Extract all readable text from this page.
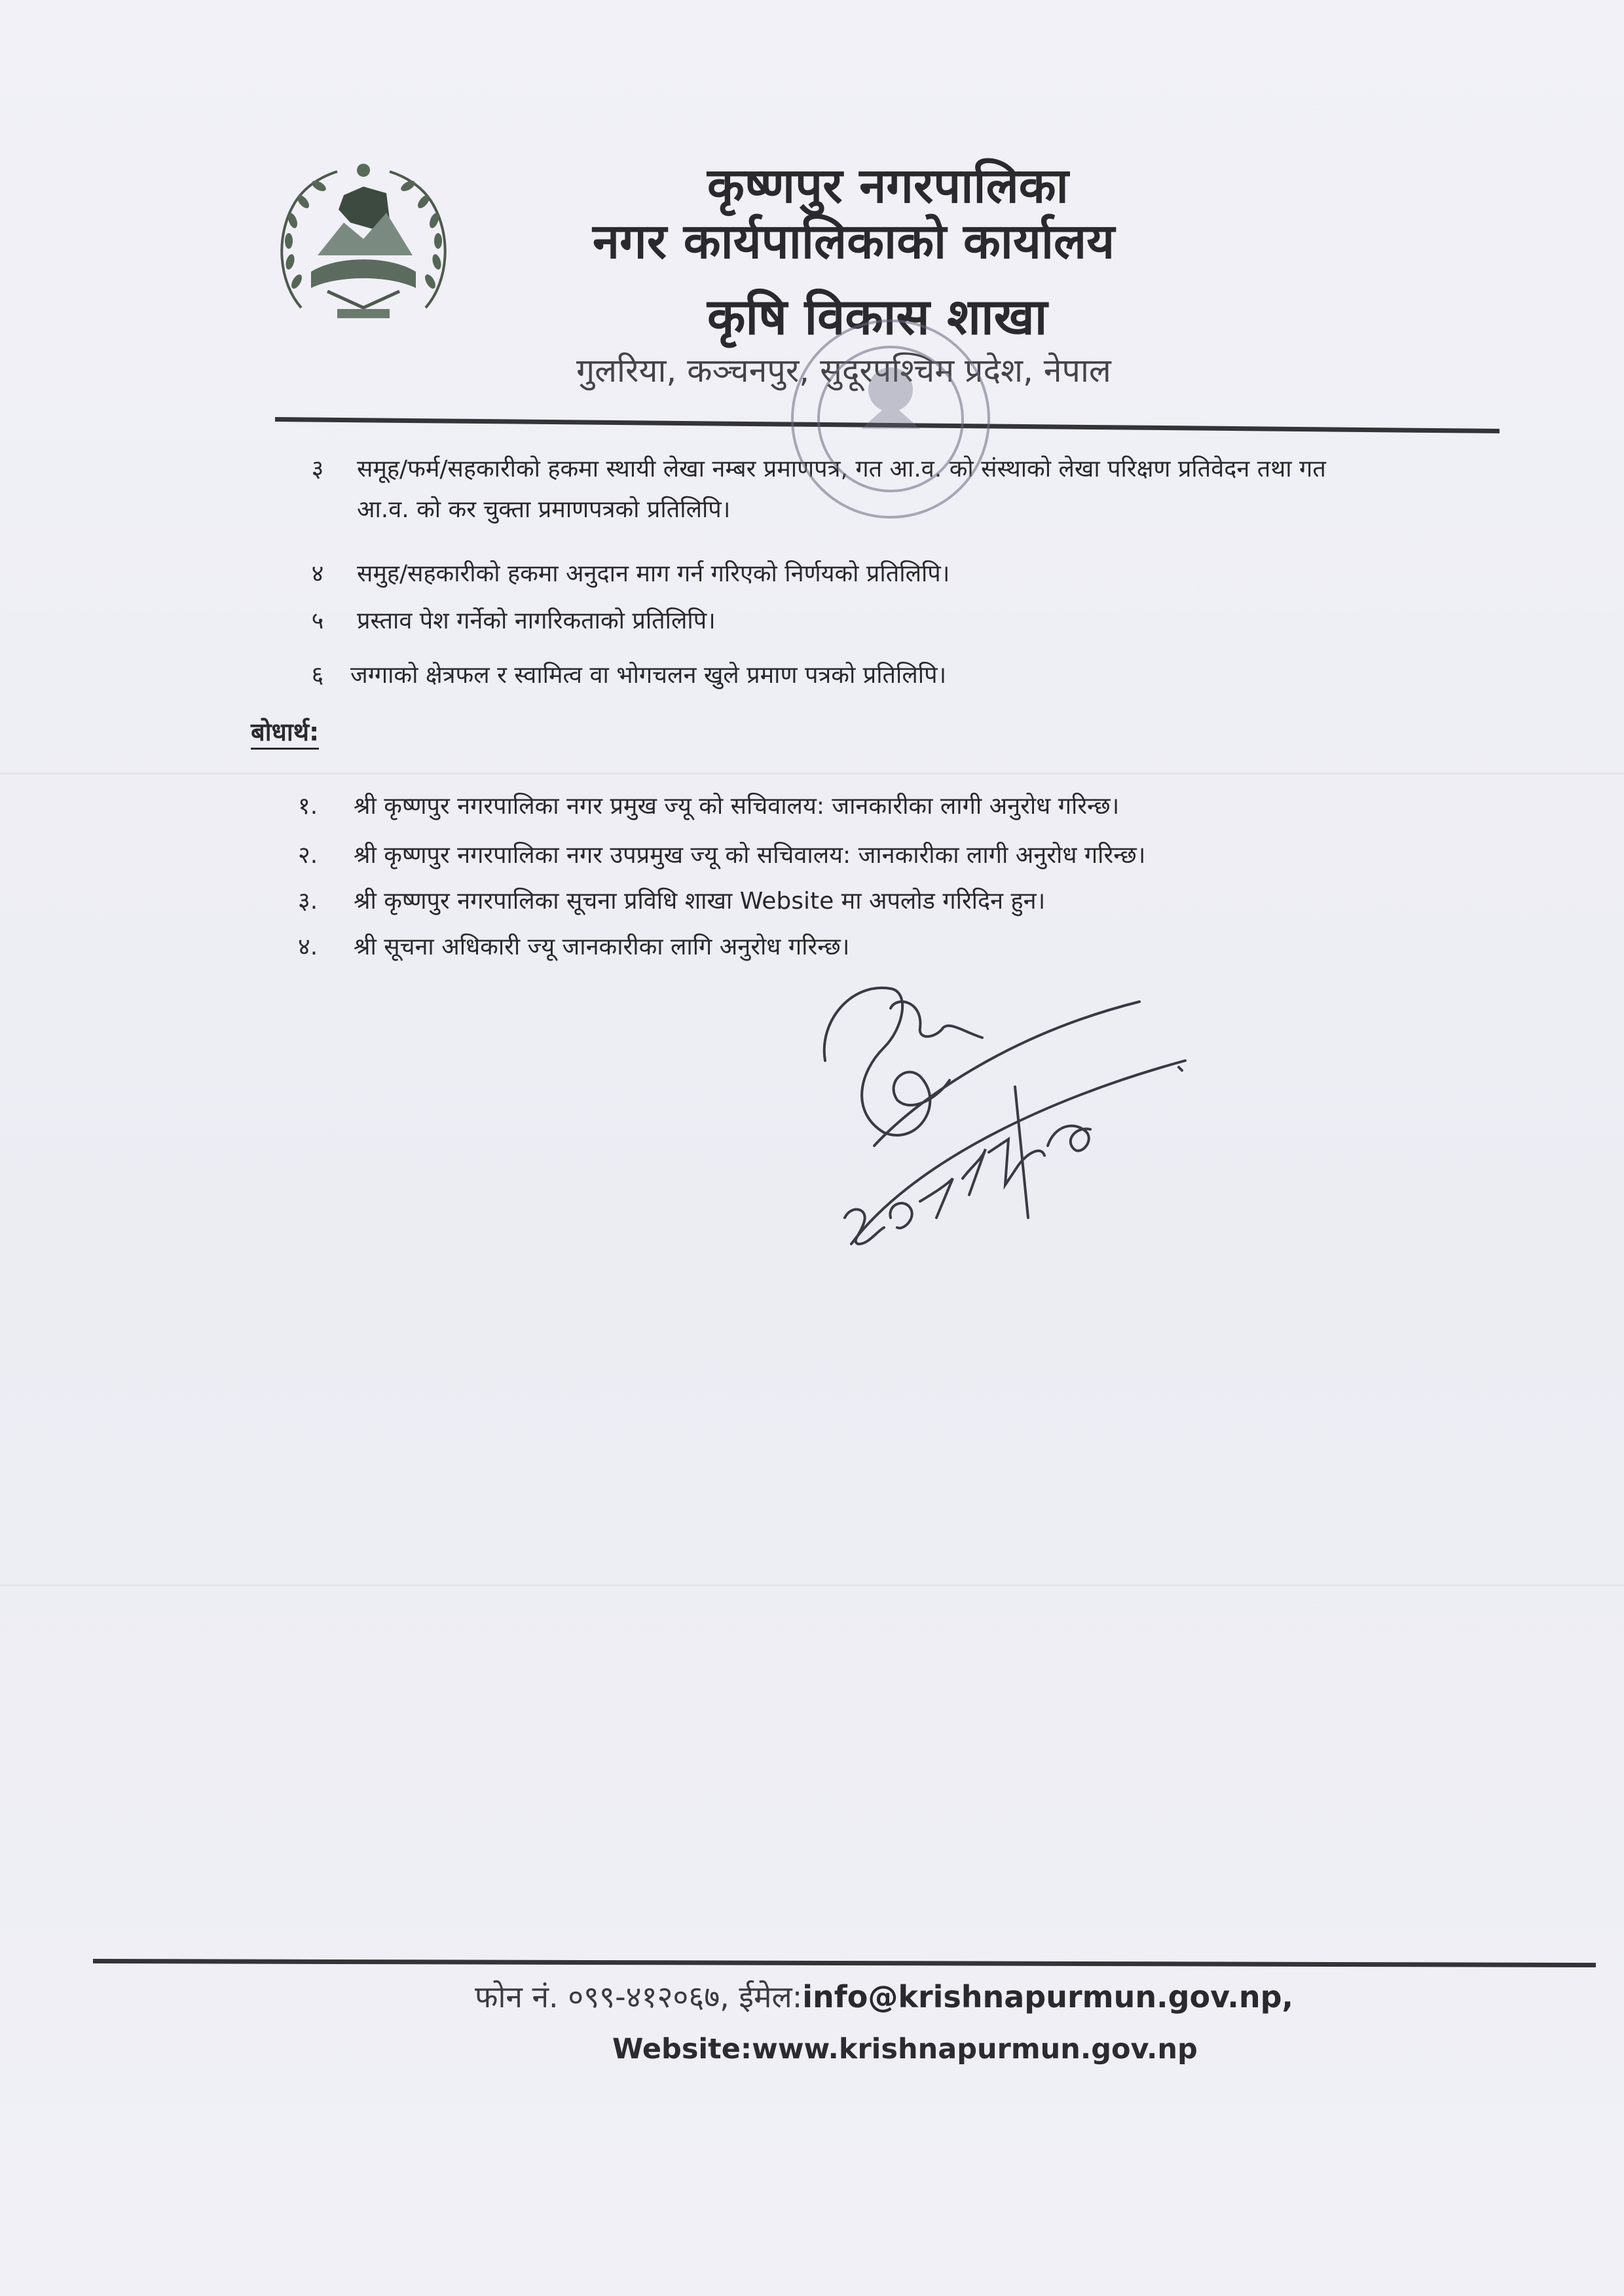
कृष्णपुर नगरपालिका
नगर कार्यपालिकाको कार्यालय
कृषि विकास शाखा
गुलरिया, कञ्चनपुर, सुदूरपश्चिम प्रदेश, नेपाल
३	समूह/फर्म/सहकारीको हकमा स्थायी लेखा नम्बर प्रमाणपत्र, गत आ.व. को संस्थाको लेखा परिक्षण प्रतिवेदन तथा गत
आ.व. को कर चुक्ता प्रमाणपत्रको प्रतिलिपि।
४	समुह/सहकारीको हकमा अनुदान माग गर्न गरिएको निर्णयको प्रतिलिपि।
५	प्रस्ताव पेश गर्नेको नागरिकताको प्रतिलिपि।
६	जग्गाको क्षेत्रफल र स्वामित्व वा भोगचलन खुले प्रमाण पत्रको प्रतिलिपि।
बोधार्थ:
१. श्री कृष्णपुर नगरपालिका नगर प्रमुख ज्यू को सचिवालय: जानकारीका लागी अनुरोध गरिन्छ।
२. श्री कृष्णपुर नगरपालिका नगर उपप्रमुख ज्यू को सचिवालय: जानकारीका लागी अनुरोध गरिन्छ।
३. श्री कृष्णपुर नगरपालिका सूचना प्रविधि शाखा Website मा अपलोड गरिदिन हुन।
४. श्री सूचना अधिकारी ज्यू जानकारीका लागि अनुरोध गरिन्छ।
फोन नं. ०९९-४१२०६७, ईमेल:info@krishnapurmun.gov.np,
Website:www.krishnapurmun.gov.np
